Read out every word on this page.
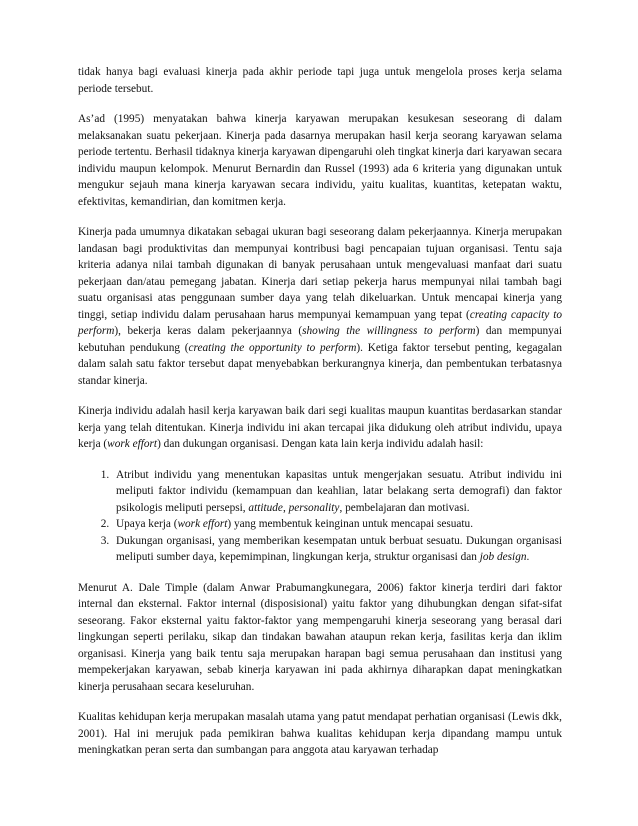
tidak hanya bagi evaluasi kinerja pada akhir periode tapi juga untuk mengelola proses kerja selama periode tersebut.

As’ad (1995) menyatakan bahwa kinerja karyawan merupakan kesukesan seseorang di dalam melaksanakan suatu pekerjaan. Kinerja pada dasarnya merupakan hasil kerja seorang karyawan selama periode tertentu. Berhasil tidaknya kinerja karyawan dipengaruhi oleh tingkat kinerja dari karyawan secara individu maupun kelompok. Menurut Bernardin dan Russel (1993) ada 6 kriteria yang digunakan untuk mengukur sejauh mana kinerja karyawan secara individu, yaitu kualitas, kuantitas, ketepatan waktu, efektivitas, kemandirian, dan komitmen kerja.

Kinerja pada umumnya dikatakan sebagai ukuran bagi seseorang dalam pekerjaannya. Kinerja merupakan landasan bagi produktivitas dan mempunyai kontribusi bagi pencapaian tujuan organisasi. Tentu saja kriteria adanya nilai tambah digunakan di banyak perusahaan untuk mengevaluasi manfaat dari suatu pekerjaan dan/atau pemegang jabatan. Kinerja dari setiap pekerja harus mempunyai nilai tambah bagi suatu organisasi atas penggunaan sumber daya yang telah dikeluarkan. Untuk mencapai kinerja yang tinggi, setiap individu dalam perusahaan harus mempunyai kemampuan yang tepat (creating capacity to perform), bekerja keras dalam pekerjaannya (showing the willingness to perform) dan mempunyai kebutuhan pendukung (creating the opportunity to perform). Ketiga faktor tersebut penting, kegagalan dalam salah satu faktor tersebut dapat menyebabkan berkurangnya kinerja, dan pembentukan terbatasnya standar kinerja.

Kinerja individu adalah hasil kerja karyawan baik dari segi kualitas maupun kuantitas berdasarkan standar kerja yang telah ditentukan. Kinerja individu ini akan tercapai jika didukung oleh atribut individu, upaya kerja (work effort) dan dukungan organisasi. Dengan kata lain kerja individu adalah hasil:

1. Atribut individu yang menentukan kapasitas untuk mengerjakan sesuatu. Atribut individu ini meliputi faktor individu (kemampuan dan keahlian, latar belakang serta demografi) dan faktor psikologis meliputi persepsi, attitude, personality, pembelajaran dan motivasi.
2. Upaya kerja (work effort) yang membentuk keinginan untuk mencapai sesuatu.
3. Dukungan organisasi, yang memberikan kesempatan untuk berbuat sesuatu. Dukungan organisasi meliputi sumber daya, kepemimpinan, lingkungan kerja, struktur organisasi dan job design.

Menurut A. Dale Timple (dalam Anwar Prabumangkunegara, 2006) faktor kinerja terdiri dari faktor internal dan eksternal. Faktor internal (disposisional) yaitu faktor yang dihubungkan dengan sifat-sifat seseorang. Fakor eksternal yaitu faktor-faktor yang mempengaruhi kinerja seseorang yang berasal dari lingkungan seperti perilaku, sikap dan tindakan bawahan ataupun rekan kerja, fasilitas kerja dan iklim organisasi. Kinerja yang baik tentu saja merupakan harapan bagi semua perusahaan dan institusi yang mempekerjakan karyawan, sebab kinerja karyawan ini pada akhirnya diharapkan dapat meningkatkan kinerja perusahaan secara keseluruhan.

Kualitas kehidupan kerja merupakan masalah utama yang patut mendapat perhatian organisasi (Lewis dkk, 2001). Hal ini merujuk pada pemikiran bahwa kualitas kehidupan kerja dipandang mampu untuk meningkatkan peran serta dan sumbangan para anggota atau karyawan terhadap
